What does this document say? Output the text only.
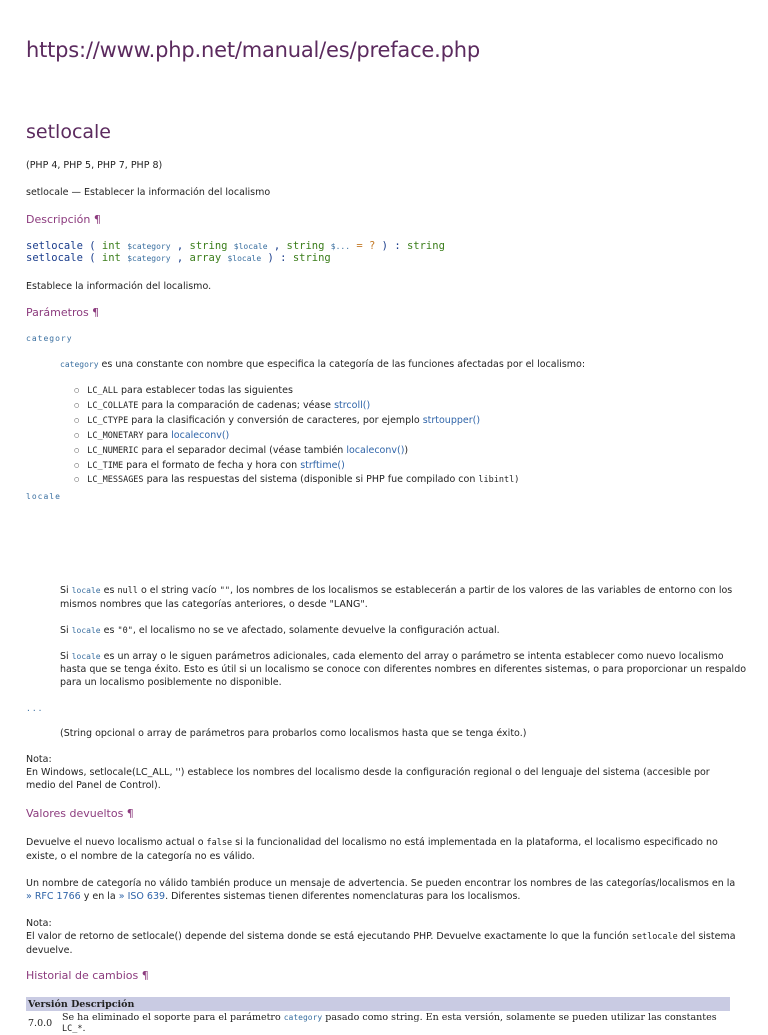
https://www.php.net/manual/es/preface.php
setlocale
(PHP 4, PHP 5, PHP 7, PHP 8)
setlocale — Establecer la información del localismo
Descripción ¶
setlocale ( int $category , string $locale , string $... = ? ) : string
setlocale ( int $category , array $locale ) : string
Establece la información del localismo.
Parámetros ¶
category
category es una constante con nombre que especifica la categoría de las funciones afectadas por el localismo:
○ LC_ALL para establecer todas las siguientes
○ LC_COLLATE para la comparación de cadenas; véase strcoll()
○ LC_CTYPE para la clasificación y conversión de caracteres, por ejemplo strtoupper()
○ LC_MONETARY para localeconv()
○ LC_NUMERIC para el separador decimal (véase también localeconv())
○ LC_TIME para el formato de fecha y hora con strftime()
○ LC_MESSAGES para las respuestas del sistema (disponible si PHP fue compilado con libintl)
locale
Si locale es null o el string vacío "", los nombres de los localismos se establecerán a partir de los valores de las variables de entorno con los mismos nombres que las categorías anteriores, o desde "LANG".
Si locale es "0", el localismo no se ve afectado, solamente devuelve la configuración actual.
Si locale es un array o le siguen parámetros adicionales, cada elemento del array o parámetro se intenta establecer como nuevo localismo hasta que se tenga éxito. Esto es útil si un localismo se conoce con diferentes nombres en diferentes sistemas, o para proporcionar un respaldo para un localismo posiblemente no disponible.
...
(String opcional o array de parámetros para probarlos como localismos hasta que se tenga éxito.)
Nota:
En Windows, setlocale(LC_ALL, '') establece los nombres del localismo desde la configuración regional o del lenguaje del sistema (accesible por medio del Panel de Control).
Valores devueltos ¶
Devuelve el nuevo localismo actual o false si la funcionalidad del localismo no está implementada en la plataforma, el localismo especificado no existe, o el nombre de la categoría no es válido.
Un nombre de categoría no válido también produce un mensaje de advertencia. Se pueden encontrar los nombres de las categorías/localismos en la » RFC 1766 y en la » ISO 639. Diferentes sistemas tienen diferentes nomenclaturas para los localismos.
Nota:
El valor de retorno de setlocale() depende del sistema donde se está ejecutando PHP. Devuelve exactamente lo que la función setlocale del sistema devuelve.
Historial de cambios ¶
Versión Descripción
7.0.0	Se ha eliminado el soporte para el parámetro category pasado como string. En esta versión, solamente se pueden utilizar las constantes LC_*.
